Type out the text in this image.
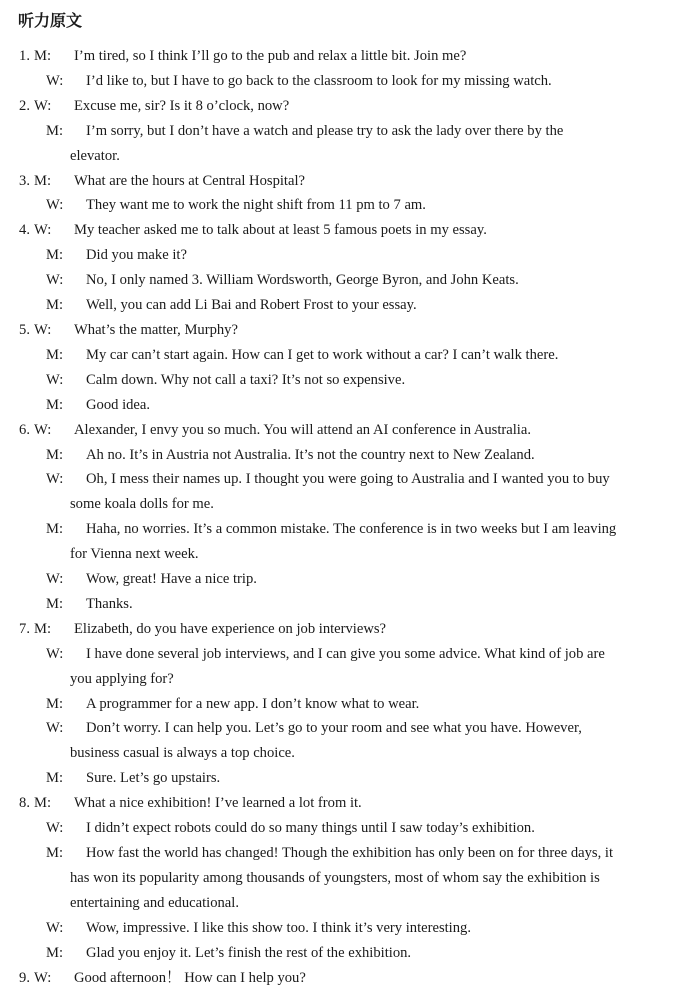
听力原文
1. M:	I’m tired, so I think I’ll go to the pub and relax a little bit. Join me?
W:	I’d like to, but I have to go back to the classroom to look for my missing watch.
2. W:	Excuse me, sir? Is it 8 o’clock, now?
M:	I’m sorry, but I don’t have a watch and please try to ask the lady over there by the
elevator.
3. M:	What are the hours at Central Hospital?
W:	They want me to work the night shift from 11 pm to 7 am.
4. W:	My teacher asked me to talk about at least 5 famous poets in my essay.
M:	Did you make it?
W:	No, I only named 3. William Wordsworth, George Byron, and John Keats.
M:	Well, you can add Li Bai and Robert Frost to your essay.
5. W:	What’s the matter, Murphy?
M:	My car can’t start again. How can I get to work without a car? I can’t walk there.
W:	Calm down. Why not call a taxi? It’s not so expensive.
M:	Good idea.
6. W:	Alexander, I envy you so much. You will attend an AI conference in Australia.
M:	Ah no. It’s in Austria not Australia. It’s not the country next to New Zealand.
W:	Oh, I mess their names up. I thought you were going to Australia and I wanted you to buy
some koala dolls for me.
M:	Haha, no worries. It’s a common mistake. The conference is in two weeks but I am leaving
for Vienna next week.
W:	Wow, great! Have a nice trip.
M:	Thanks.
7. M:	Elizabeth, do you have experience on job interviews?
W:	I have done several job interviews, and I can give you some advice. What kind of job are
you applying for?
M:	A programmer for a new app. I don’t know what to wear.
W:	Don’t worry. I can help you. Let’s go to your room and see what you have. However,
business casual is always a top choice.
M:	Sure. Let’s go upstairs.
8. M:	What a nice exhibition! I’ve learned a lot from it.
W:	I didn’t expect robots could do so many things until I saw today’s exhibition.
M:	How fast the world has changed! Though the exhibition has only been on for three days, it
has won its popularity among thousands of youngsters, most of whom say the exhibition is
entertaining and educational.
W:	Wow, impressive. I like this show too. I think it’s very interesting.
M:	Glad you enjoy it. Let’s finish the rest of the exhibition.
9. W:	Good afternoon！ How can I help you?
